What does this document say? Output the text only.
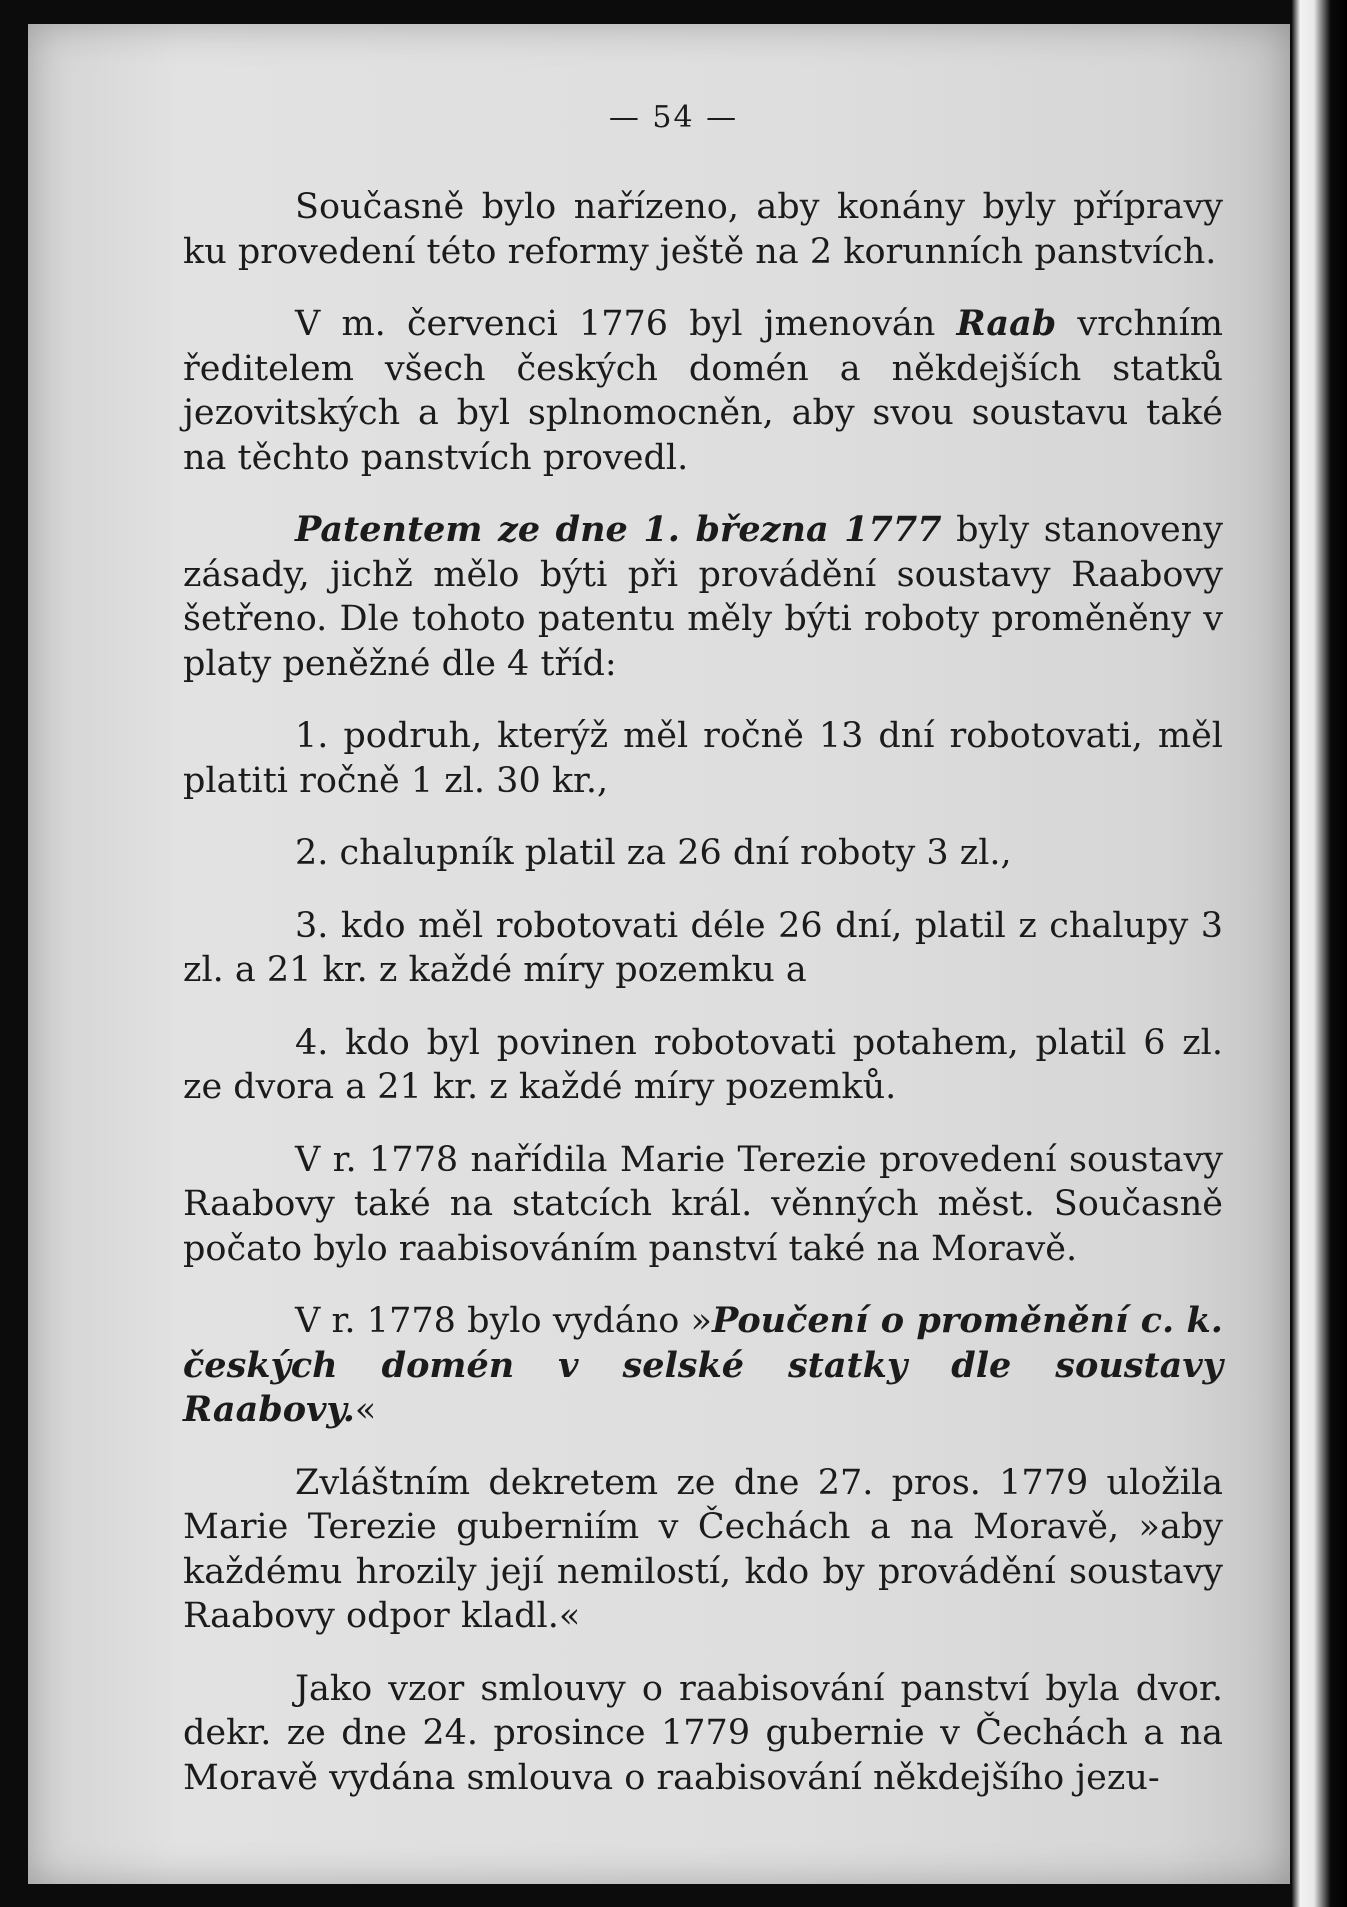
— 54 —

Současně bylo nařízeno, aby konány byly přípravy ku provedení této reformy ještě na 2 korunních panstvích.

V m. červenci 1776 byl jmenován Raab vrchním ředitelem všech českých domén a někdejších statků jezovitských a byl splnomocněn, aby svou soustavu také na těchto panstvích provedl.

Patentem ze dne 1. března 1777 byly stanoveny zásady, jichž mělo býti při provádění soustavy Raabovy šetřeno. Dle tohoto patentu měly býti roboty proměněny v platy peněžné dle 4 tříd:

1. podruh, kterýž měl ročně 13 dní robotovati, měl platiti ročně 1 zl. 30 kr.,

2. chalupník platil za 26 dní roboty 3 zl.,

3. kdo měl robotovati déle 26 dní, platil z chalupy 3 zl. a 21 kr. z každé míry pozemku a

4. kdo byl povinen robotovati potahem, platil 6 zl. ze dvora a 21 kr. z každé míry pozemků.

V r. 1778 nařídila Marie Terezie provedení soustavy Raabovy také na statcích král. věnných měst. Současně počato bylo raabisováním panství také na Moravě.

V r. 1778 bylo vydáno »Poučení o proměnění c. k. českých domén v selské statky dle soustavy Raabovy.«

Zvláštním dekretem ze dne 27. pros. 1779 uložila Marie Terezie guberniím v Čechách a na Moravě, »aby každému hrozily její nemilostí, kdo by provádění soustavy Raabovy odpor kladl.«

Jako vzor smlouvy o raabisování panství byla dvor. dekr. ze dne 24. prosince 1779 gubernie v Čechách a na Moravě vydána smlouva o raabisování někdejšího jezu-
